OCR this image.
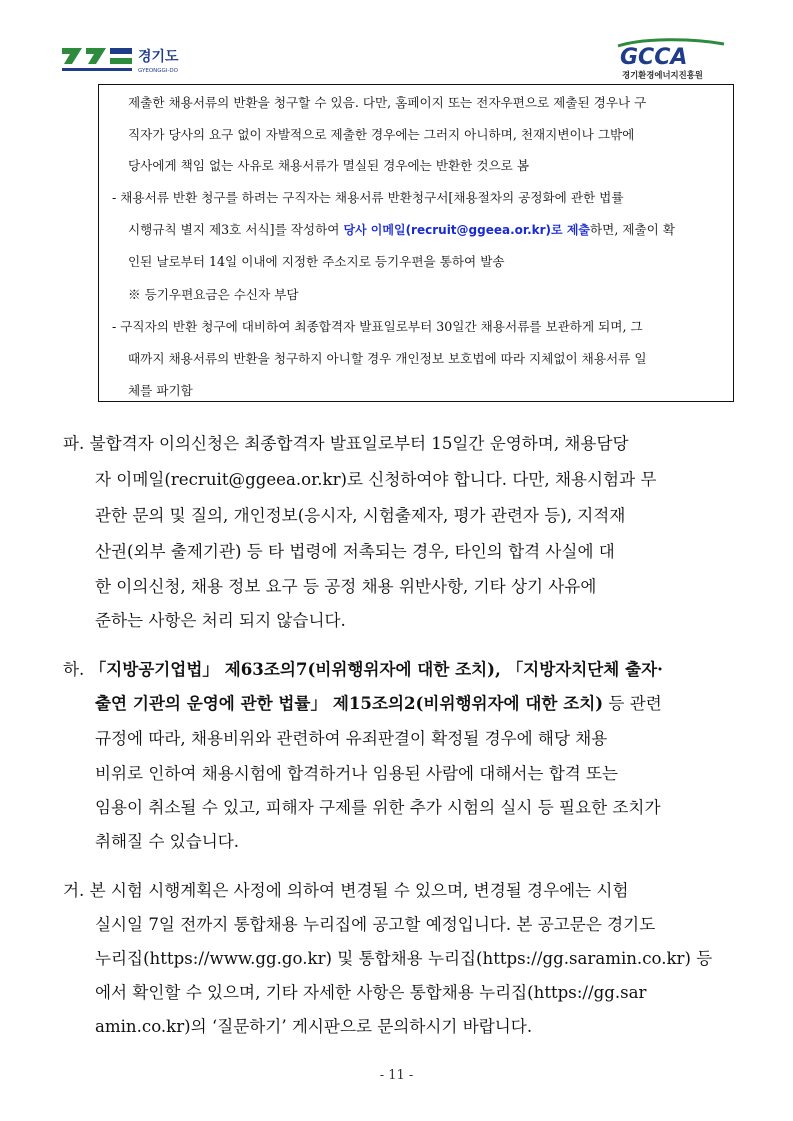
경기도
GYEONGGI-DO
GCCA
경기환경에너지진흥원
제출한 채용서류의 반환을 청구할 수 있음. 다만, 홈페이지 또는 전자우편으로 제출된 경우나 구
직자가 당사의 요구 없이 자발적으로 제출한 경우에는 그러지 아니하며, 천재지변이나 그밖에
당사에게 책임 없는 사유로 채용서류가 멸실된 경우에는 반환한 것으로 봄
- 채용서류 반환 청구를 하려는 구직자는 채용서류 반환청구서[채용절차의 공정화에 관한 법률
시행규칙 별지 제3호 서식]를 작성하여 당사 이메일(recruit@ggeea.or.kr)로 제출하면, 제출이 확
인된 날로부터 14일 이내에 지정한 주소지로 등기우편을 통하여 발송
※ 등기우편요금은 수신자 부담
- 구직자의 반환 청구에 대비하여 최종합격자 발표일로부터 30일간 채용서류를 보관하게 되며, 그
때까지 채용서류의 반환을 청구하지 아니할 경우 개인정보 보호법에 따라 지체없이 채용서류 일
체를 파기함
파. 불합격자 이의신청은 최종합격자 발표일로부터 15일간 운영하며, 채용담당
자 이메일(recruit@ggeea.or.kr)로 신청하여야 합니다. 다만, 채용시험과 무
관한 문의 및 질의, 개인정보(응시자, 시험출제자, 평가 관련자 등), 지적재
산권(외부 출제기관) 등 타 법령에 저촉되는 경우, 타인의 합격 사실에 대
한 이의신청, 채용 정보 요구 등 공정 채용 위반사항, 기타 상기 사유에
준하는 사항은 처리 되지 않습니다.
하. 「지방공기업법」 제63조의7(비위행위자에 대한 조치), 「지방자치단체 출자·
출연 기관의 운영에 관한 법률」 제15조의2(비위행위자에 대한 조치) 등 관련
규정에 따라, 채용비위와 관련하여 유죄판결이 확정될 경우에 해당 채용
비위로 인하여 채용시험에 합격하거나 임용된 사람에 대해서는 합격 또는
임용이 취소될 수 있고, 피해자 구제를 위한 추가 시험의 실시 등 필요한 조치가
취해질 수 있습니다.
거. 본 시험 시행계획은 사정에 의하여 변경될 수 있으며, 변경될 경우에는 시험
실시일 7일 전까지 통합채용 누리집에 공고할 예정입니다. 본 공고문은 경기도
누리집(https://www.gg.go.kr) 및 통합채용 누리집(https://gg.saramin.co.kr) 등
에서 확인할 수 있으며, 기타 자세한 사항은 통합채용 누리집(https://gg.sar
amin.co.kr)의 ‘질문하기’ 게시판으로 문의하시기 바랍니다.
- 11 -
